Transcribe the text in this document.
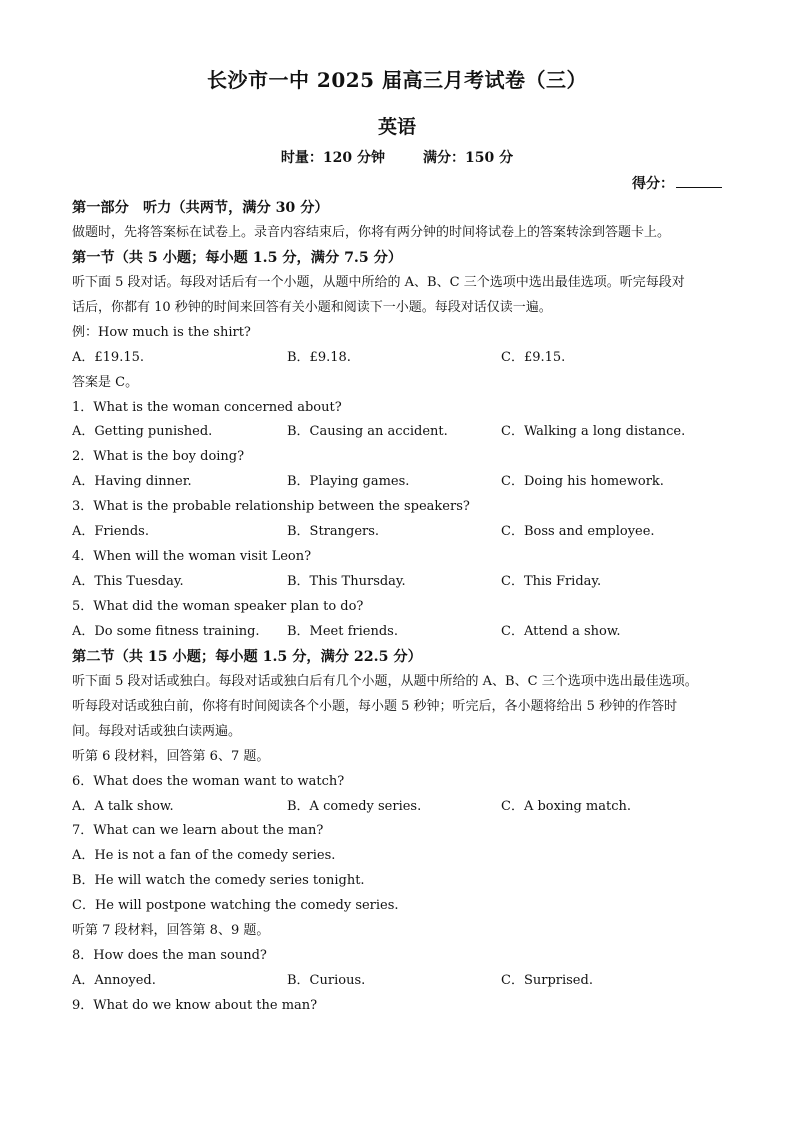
长沙市一中 2025 届高三月考试卷（三）
英语
时量：120 分钟	满分：150 分
得分：
第一部分　听力（共两节，满分 30 分）
做题时，先将答案标在试卷上。录音内容结束后，你将有两分钟的时间将试卷上的答案转涂到答题卡上。
第一节（共 5 小题；每小题 1.5 分，满分 7.5 分）
听下面 5 段对话。每段对话后有一个小题，从题中所给的 A、B、C 三个选项中选出最佳选项。听完每段对
话后，你都有 10 秒钟的时间来回答有关小题和阅读下一小题。每段对话仅读一遍。
例：How much is the shirt?
A．£19.15.	B．£9.18.	C．£9.15.
答案是 C。
1．What is the woman concerned about?
A．Getting punished.	B．Causing an accident.	C．Walking a long distance.
2．What is the boy doing?
A．Having dinner.	B．Playing games.	C．Doing his homework.
3．What is the probable relationship between the speakers?
A．Friends.	B．Strangers.	C．Boss and employee.
4．When will the woman visit Leon?
A．This Tuesday.	B．This Thursday.	C．This Friday.
5．What did the woman speaker plan to do?
A．Do some fitness training.	B．Meet friends.	C．Attend a show.
第二节（共 15 小题；每小题 1.5 分，满分 22.5 分）
听下面 5 段对话或独白。每段对话或独白后有几个小题，从题中所给的 A、B、C 三个选项中选出最佳选项。
听每段对话或独白前，你将有时间阅读各个小题，每小题 5 秒钟；听完后，各小题将给出 5 秒钟的作答时
间。每段对话或独白读两遍。
听第 6 段材料，回答第 6、7 题。
6．What does the woman want to watch?
A．A talk show.	B．A comedy series.	C．A boxing match.
7．What can we learn about the man?
A．He is not a fan of the comedy series.
B．He will watch the comedy series tonight.
C．He will postpone watching the comedy series.
听第 7 段材料，回答第 8、9 题。
8．How does the man sound?
A．Annoyed.	B．Curious.	C．Surprised.
9．What do we know about the man?
